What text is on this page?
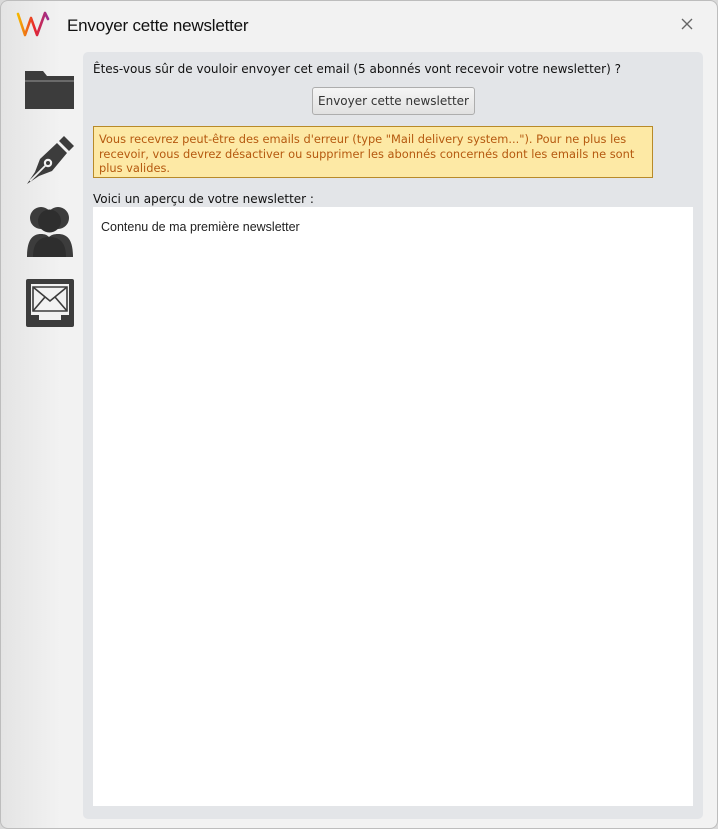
Envoyer cette newsletter
Êtes-vous sûr de vouloir envoyer cet email (5 abonnés vont recevoir votre newsletter) ?
Envoyer cette newsletter
Vous recevrez peut-être des emails d'erreur (type "Mail delivery system..."). Pour ne plus les
recevoir, vous devrez désactiver ou supprimer les abonnés concernés dont les emails ne sont
plus valides.
Voici un aperçu de votre newsletter :
Contenu de ma première newsletter
